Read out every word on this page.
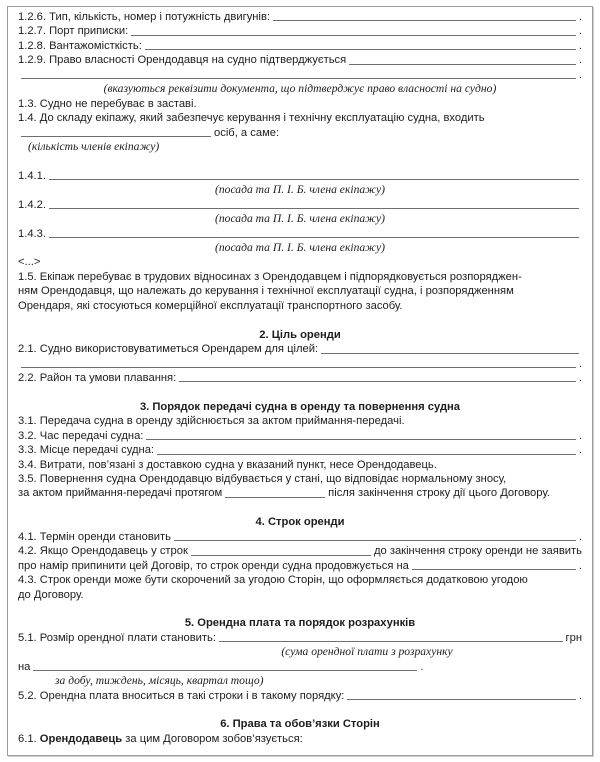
1.2.6. Тип, кількість, номер і потужність двигунів:	.
1.2.7. Порт приписки:	.
1.2.8. Вантажомісткість:	.
1.2.9. Право власності Орендодавця на судно підтверджується	.
.
(вказуються реквізити документа, що підтверджує право власності на судно)
1.3. Судно не перебуває в заставі.
1.4. До складу екіпажу, який забезпечує керування і технічну експлуатацію судна, входить
осіб, а саме:
(кількість членів екіпажу)
1.4.1.
(посада та П. І. Б. члена екіпажу)
1.4.2.
(посада та П. І. Б. члена екіпажу)
1.4.3.
(посада та П. І. Б. члена екіпажу)
<...>
1.5. Екіпаж перебуває в трудових відносинах з Орендодавцем і підпорядковується розпоряджен-
ням Орендодавця, що належать до керування і технічної експлуатації судна, і розпорядженням
Орендаря, які стосуються комерційної експлуатації транспортного засобу.
2. Ціль оренди
2.1. Судно використовуватиметься Орендарем для цілей:
.
2.2. Район та умови плавання:	.
3. Порядок передачі судна в оренду та повернення судна
3.1. Передача судна в оренду здійснюється за актом приймання-передачі.
3.2. Час передачі судна:	.
3.3. Місце передачі судна:	.
3.4. Витрати, пов’язані з доставкою судна у вказаний пункт, несе Орендодавець.
3.5. Повернення судна Орендодавцю відбувається у стані, що відповідає нормальному зносу,
за актом приймання-передачі протягом	після закінчення строку дії цього Договору.
4. Строк оренди
4.1. Термін оренди становить	.
4.2. Якщо Орендодавець у строк	до закінчення строку оренди не заявить
про намір припинити цей Договір, то строк оренди судна продовжується на	.
4.3. Строк оренди може бути скорочений за угодою Сторін, що оформляється додатковою угодою
до Договору.
5. Орендна плата та порядок розрахунків
5.1. Розмір орендної плати становить:	грн
(сума орендної плати з розрахунку
на	.
за добу, тиждень, місяць, квартал тощо)
5.2. Орендна плата вноситься в такі строки і в такому порядку:	.
6. Права та обов’язки Сторін
6.1. Орендодавець за цим Договором зобов’язується:
